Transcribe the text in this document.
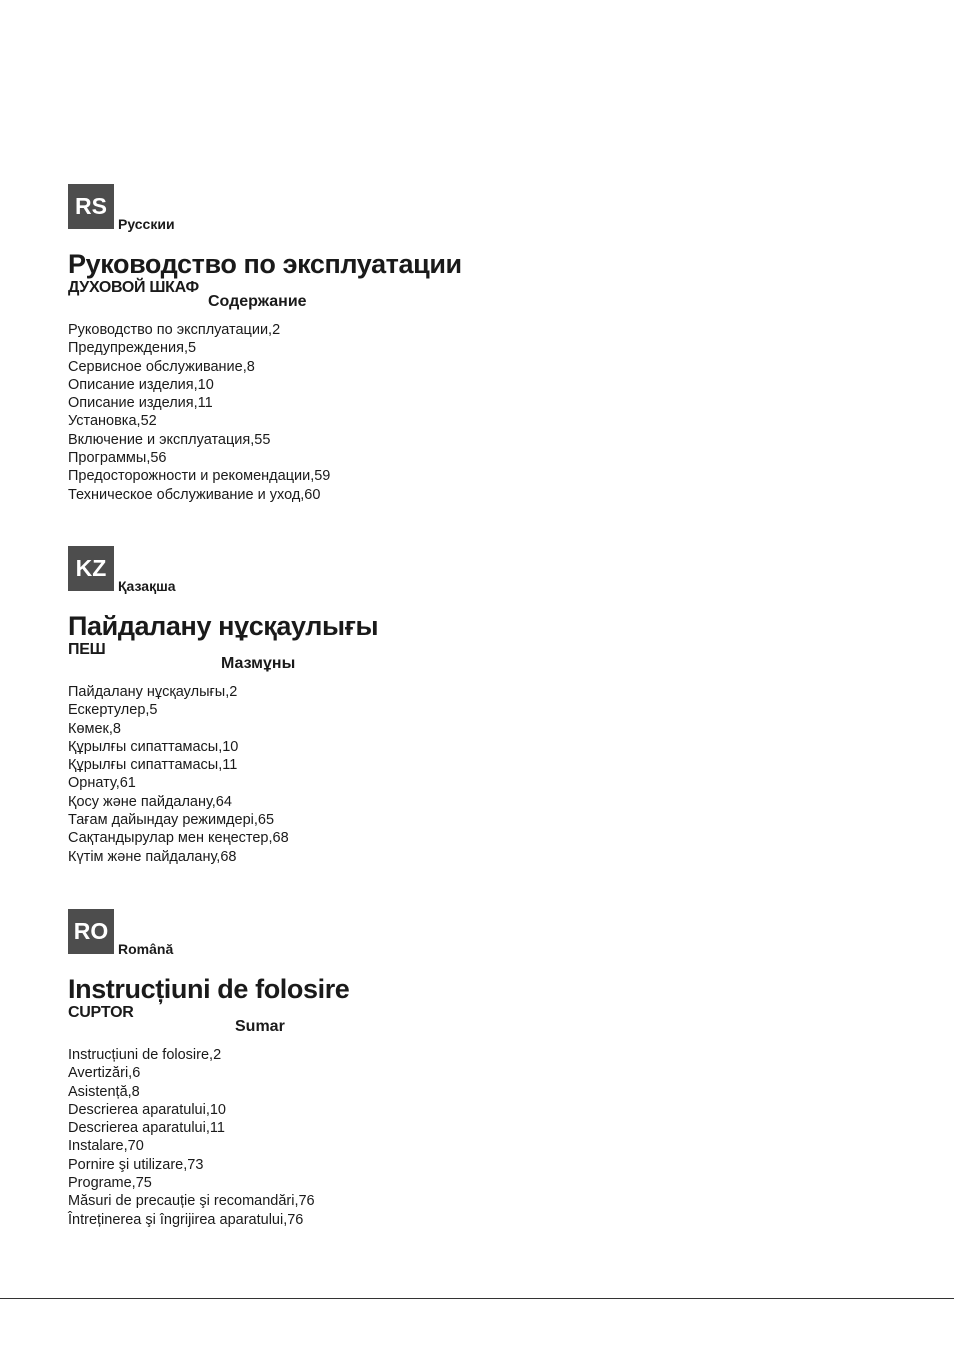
RS
Русскии
Руководство по эксплуатации
ДУХОВОЙ ШКАФ
Содержание
Руководство по эксплуатации,2
Предупреждения,5
Сервисное обслуживание,8
Описание изделия,10
Описание изделия,11
Установка,52
Включение и эксплуатация,55
Программы,56
Предосторожности и рекомендации,59
Техническое обслуживание и уход,60
KZ
Қазақша
Пайдалану нұсқаулығы
ПЕШ
Мазмұны
Пайдалану нұсқаулығы,2
Ескертулер,5
Көмек,8
Құрылғы сипаттамасы,10
Құрылғы сипаттамасы,11
Орнату,61
Қосу және пайдалану,64
Тағам дайындау режимдері,65
Сақтандырулар мен кеңестер,68
Күтім және пайдалану,68
RO
Română
Instrucțiuni de folosire
CUPTOR
Sumar
Instrucțiuni de folosire,2
Avertizări,6
Asistență,8
Descrierea aparatului,10
Descrierea aparatului,11
Instalare,70
Pornire şi utilizare,73
Programe,75
Măsuri de precauție şi recomandări,76
Întreținerea şi îngrijirea aparatului,76
